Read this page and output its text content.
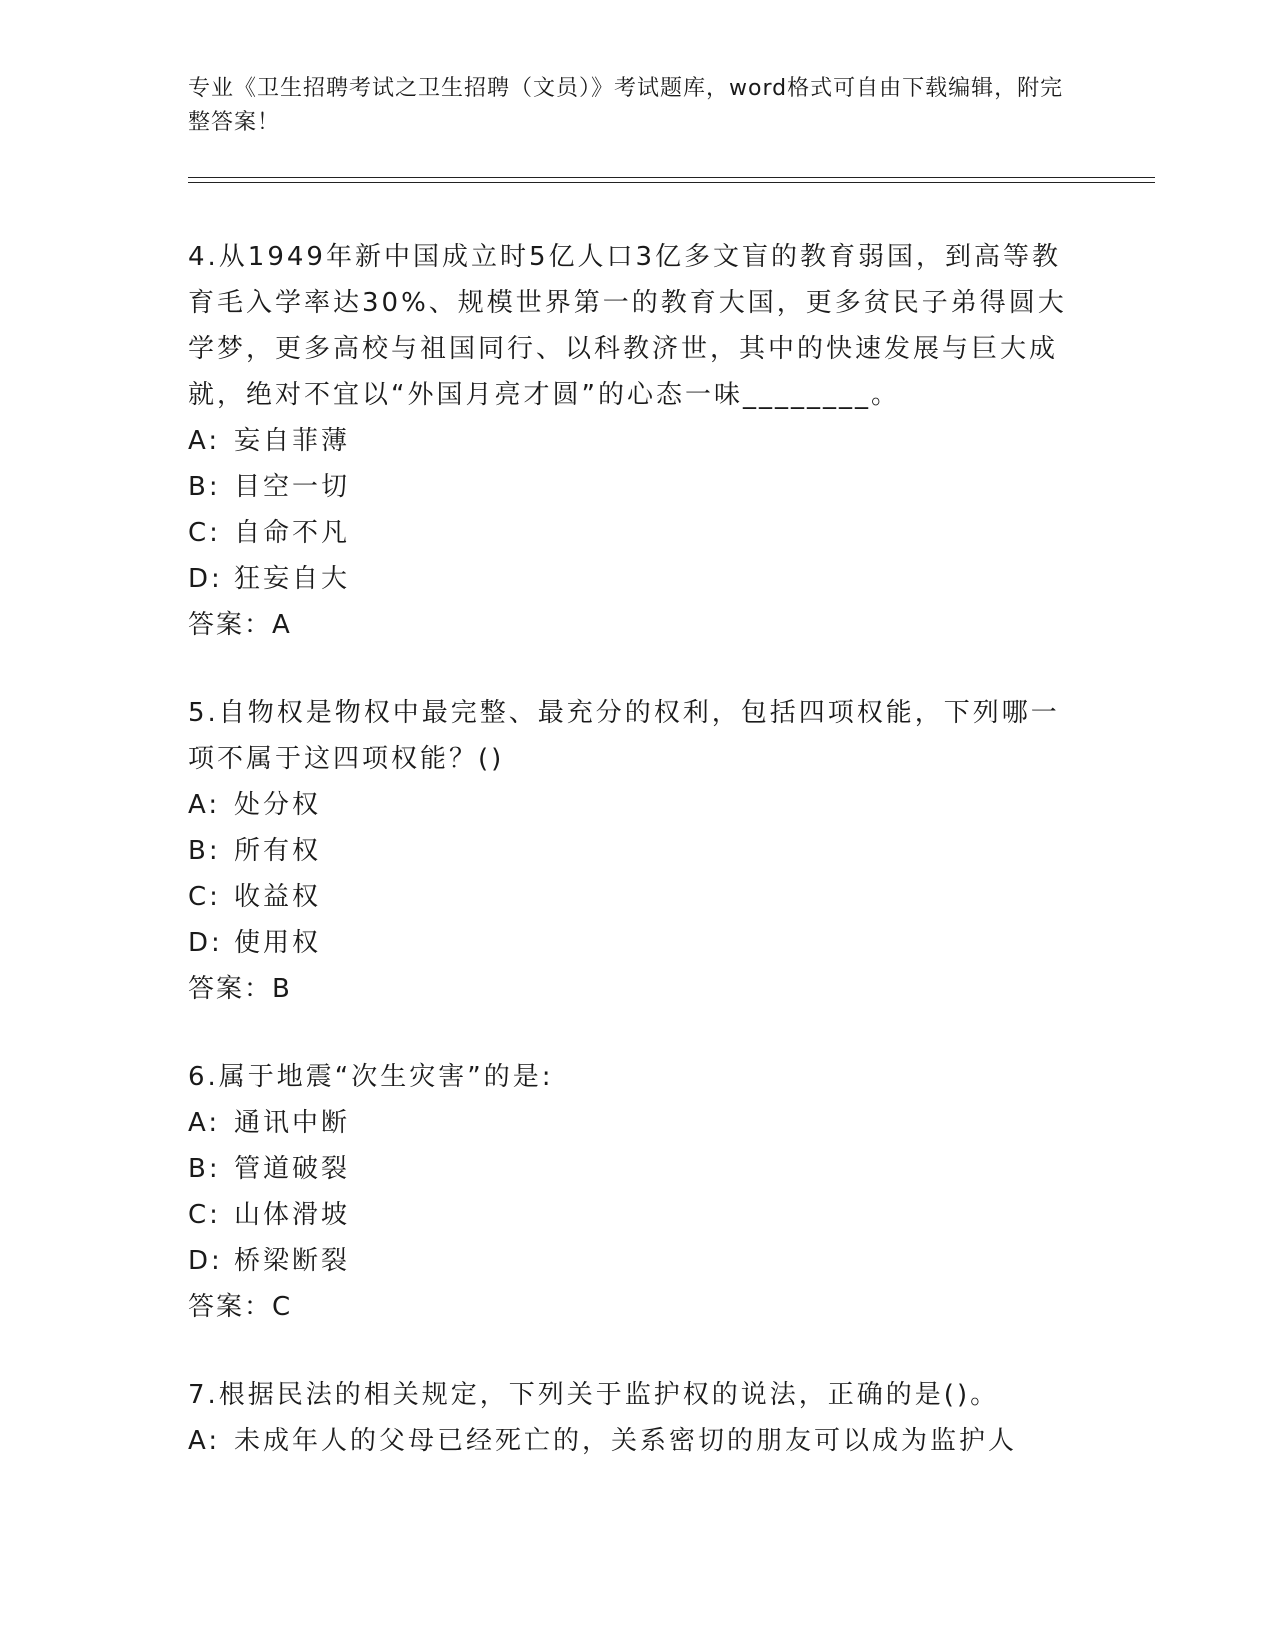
专业《卫生招聘考试之卫生招聘（文员）》考试题库，word格式可自由下载编辑，附完整答案！

4.从1949年新中国成立时5亿人口3亿多文盲的教育弱国，到高等教育毛入学率达30%、规模世界第一的教育大国，更多贫民子弟得圆大学梦，更多高校与祖国同行、以科教济世，其中的快速发展与巨大成就，绝对不宜以“外国月亮才圆”的心态一味________。

A: 妄自菲薄
B: 目空一切
C: 自命不凡
D: 狂妄自大
答案：A

5.自物权是物权中最完整、最充分的权利，包括四项权能，下列哪一项不属于这四项权能？()

A: 处分权
B: 所有权
C: 收益权
D: 使用权
答案：B

6.属于地震“次生灾害”的是:

A: 通讯中断
B: 管道破裂
C: 山体滑坡
D: 桥梁断裂
答案：C

7.根据民法的相关规定，下列关于监护权的说法，正确的是()。

A: 未成年人的父母已经死亡的，关系密切的朋友可以成为监护人
